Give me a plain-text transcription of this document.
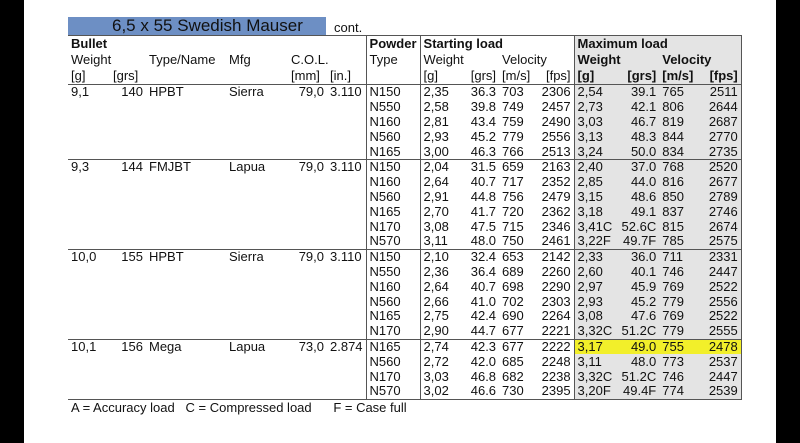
6,5 x 55 Swedish Mauser	cont.
Bullet						Powder	Starting load				Maximum load			
Weight		Type/Name	Mfg	C.O.L.		Type	Weight		Velocity		Weight		Velocity	
[g]	[grs]			[mm]	[in.]		[g]	[grs]	[m/s]	[fps]	[g]	[grs]	[m/s]	[fps]
9,1	140	HPBT	Sierra	79,0	3.110	N150	2,35	36.3	703	2306	2,54	39.1	765	2511
						N550	2,58	39.8	749	2457	2,73	42.1	806	2644
						N160	2,81	43.4	759	2490	3,03	46.7	819	2687
						N560	2,93	45.2	779	2556	3,13	48.3	844	2770
						N165	3,00	46.3	766	2513	3,24	50.0	834	2735
9,3	144	FMJBT	Lapua	79,0	3.110	N150	2,04	31.5	659	2163	2,40	37.0	768	2520
						N160	2,64	40.7	717	2352	2,85	44.0	816	2677
						N560	2,91	44.8	756	2479	3,15	48.6	850	2789
						N165	2,70	41.7	720	2362	3,18	49.1	837	2746
						N170	3,08	47.5	715	2346	3,41C	52.6C	815	2674
						N570	3,11	48.0	750	2461	3,22F	49.7F	785	2575
10,0	155	HPBT	Sierra	79,0	3.110	N150	2,10	32.4	653	2142	2,33	36.0	711	2331
						N550	2,36	36.4	689	2260	2,60	40.1	746	2447
						N160	2,64	40.7	698	2290	2,97	45.9	769	2522
						N560	2,66	41.0	702	2303	2,93	45.2	779	2556
						N165	2,75	42.4	690	2264	3,08	47.6	769	2522
						N170	2,90	44.7	677	2221	3,32C	51.2C	779	2555
10,1	156	Mega	Lapua	73,0	2.874	N165	2,74	42.3	677	2222	3,17	49.0	755	2478
						N560	2,72	42.0	685	2248	3,11	48.0	773	2537
						N170	3,03	46.8	682	2238	3,32C	51.2C	746	2447
						N570	3,02	46.6	730	2395	3,20F	49.4F	774	2539
A = Accuracy load C = Compressed load F = Case full														
